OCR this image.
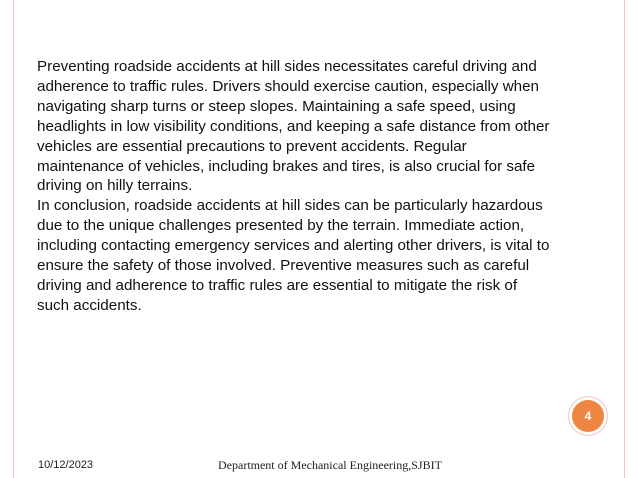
Preventing roadside accidents at hill sides necessitates careful driving and adherence to traffic rules. Drivers should exercise caution, especially when navigating sharp turns or steep slopes. Maintaining a safe speed, using headlights in low visibility conditions, and keeping a safe distance from other vehicles are essential precautions to prevent accidents. Regular maintenance of vehicles, including brakes and tires, is also crucial for safe driving on hilly terrains.
In conclusion, roadside accidents at hill sides can be particularly hazardous due to the unique challenges presented by the terrain. Immediate action, including contacting emergency services and alerting other drivers, is vital to ensure the safety of those involved. Preventive measures such as careful driving and adherence to traffic rules are essential to mitigate the risk of such accidents.
4
10/12/2023	Department of Mechanical Engineering,SJBIT
